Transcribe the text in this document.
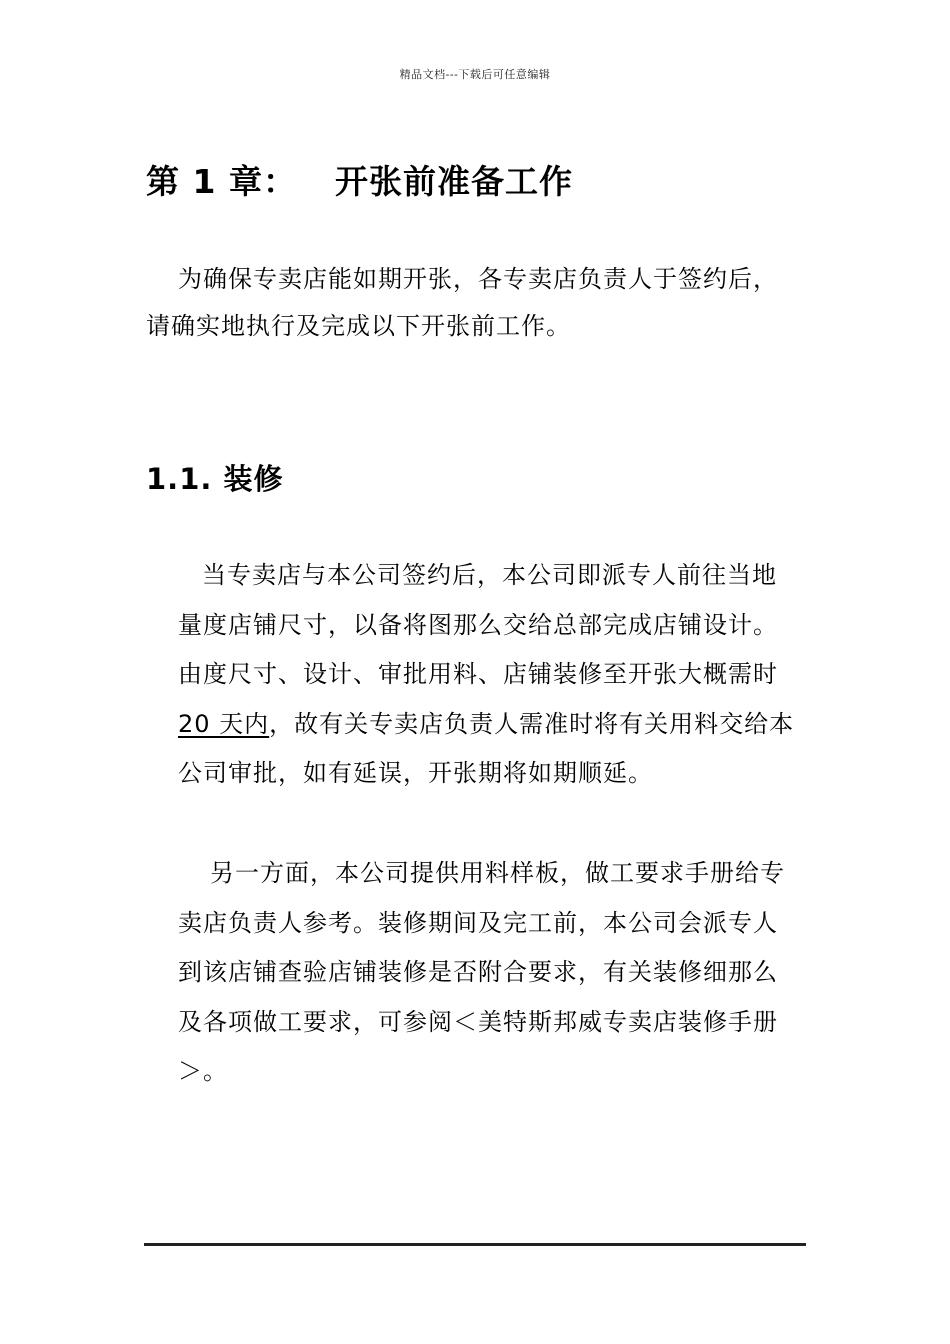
精品文档---下载后可任意编辑
第 1 章： 开张前准备工作
为确保专卖店能如期开张，各专卖店负责人于签约后，
请确实地执行及完成以下开张前工作。
1.1. 装修
当专卖店与本公司签约后，本公司即派专人前往当地
量度店铺尺寸，以备将图那么交给总部完成店铺设计。
由度尺寸、设计、审批用料、店铺装修至开张大概需时
20 天内，故有关专卖店负责人需准时将有关用料交给本
公司审批，如有延误，开张期将如期顺延。
另一方面，本公司提供用料样板，做工要求手册给专
卖店负责人参考。装修期间及完工前，本公司会派专人
到该店铺查验店铺装修是否附合要求，有关装修细那么
及各项做工要求，可参阅＜美特斯邦威专卖店装修手册
＞。
